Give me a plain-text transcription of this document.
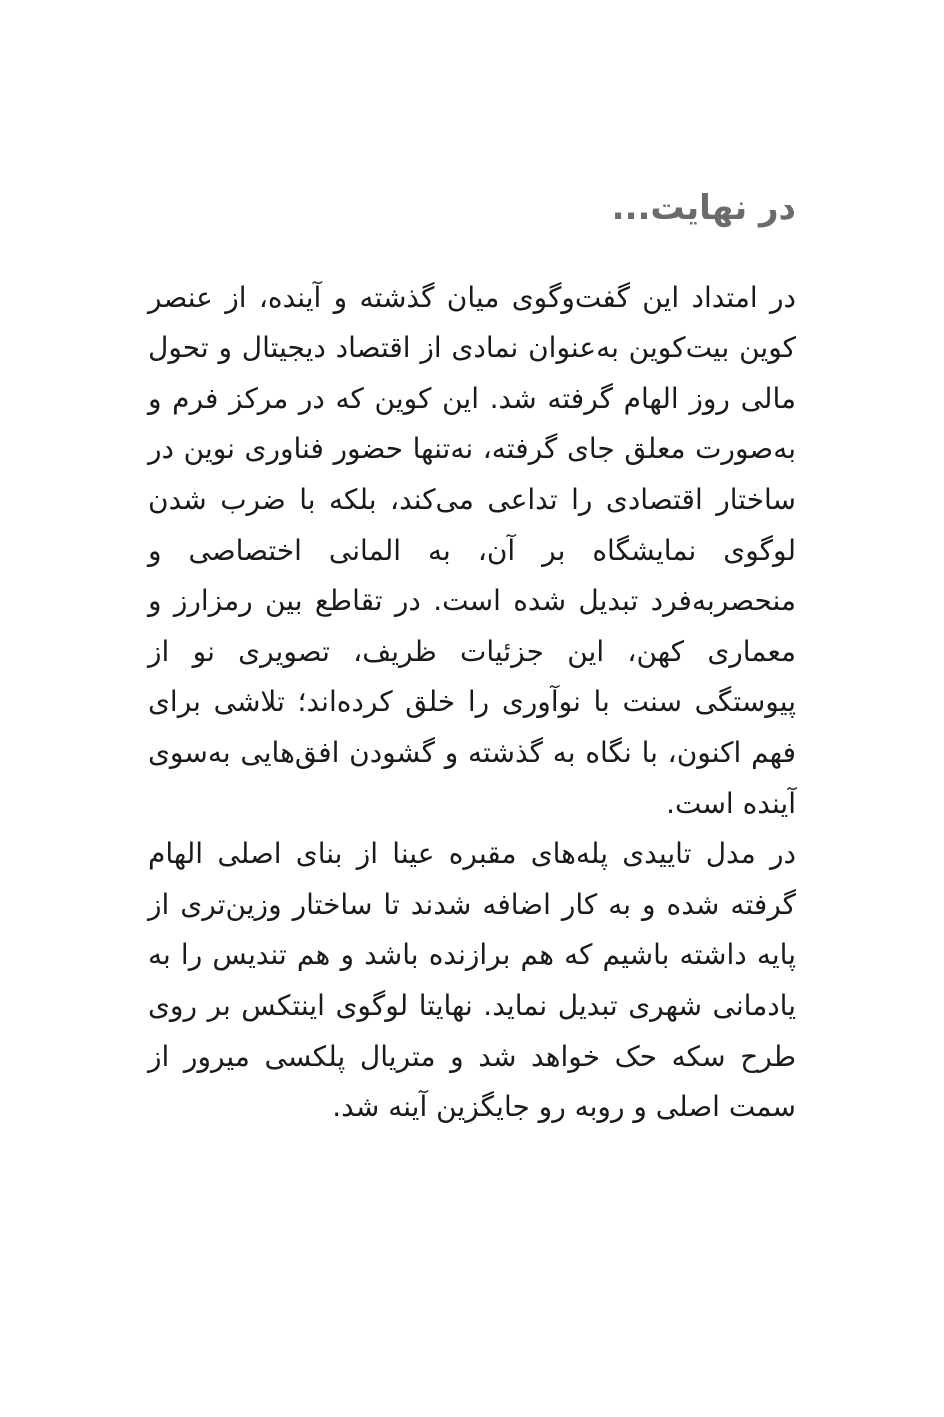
در نهایت...

در امتداد این گفت‌وگوی میان گذشته و آینده، از عنصر کوین بیت‌کوین به‌عنوان نمادی از اقتصاد دیجیتال و تحول مالی روز الهام گرفته شد. این کوین که در مرکز فرم و به‌صورت معلق جای گرفته، نه‌تنها حضور فناوری نوین در ساختار اقتصادی را تداعی می‌کند، بلکه با ضرب شدن لوگوی نمایشگاه بر آن، به المانی اختصاصی و منحصربه‌فرد تبدیل شده است. در تقاطع بین رمزارز و معماری کهن، این جزئیات ظریف، تصویری نو از پیوستگی سنت با نوآوری را خلق کرده‌اند؛ تلاشی برای فهم اکنون، با نگاه به گذشته و گشودن افق‌هایی به‌سوی آینده است.

در مدل تاییدی پله‌های مقبره عینا از بنای اصلی الهام گرفته شده و به کار اضافه شدند تا ساختار وزین‌تری از پایه داشته باشیم که هم برازنده باشد و هم تندیس را به یادمانی شهری تبدیل نماید. نهایتا لوگوی اینتکس بر روی طرح سکه حک خواهد شد و متریال پلکسی میرور از سمت اصلی و روبه رو جایگزین آینه شد.
